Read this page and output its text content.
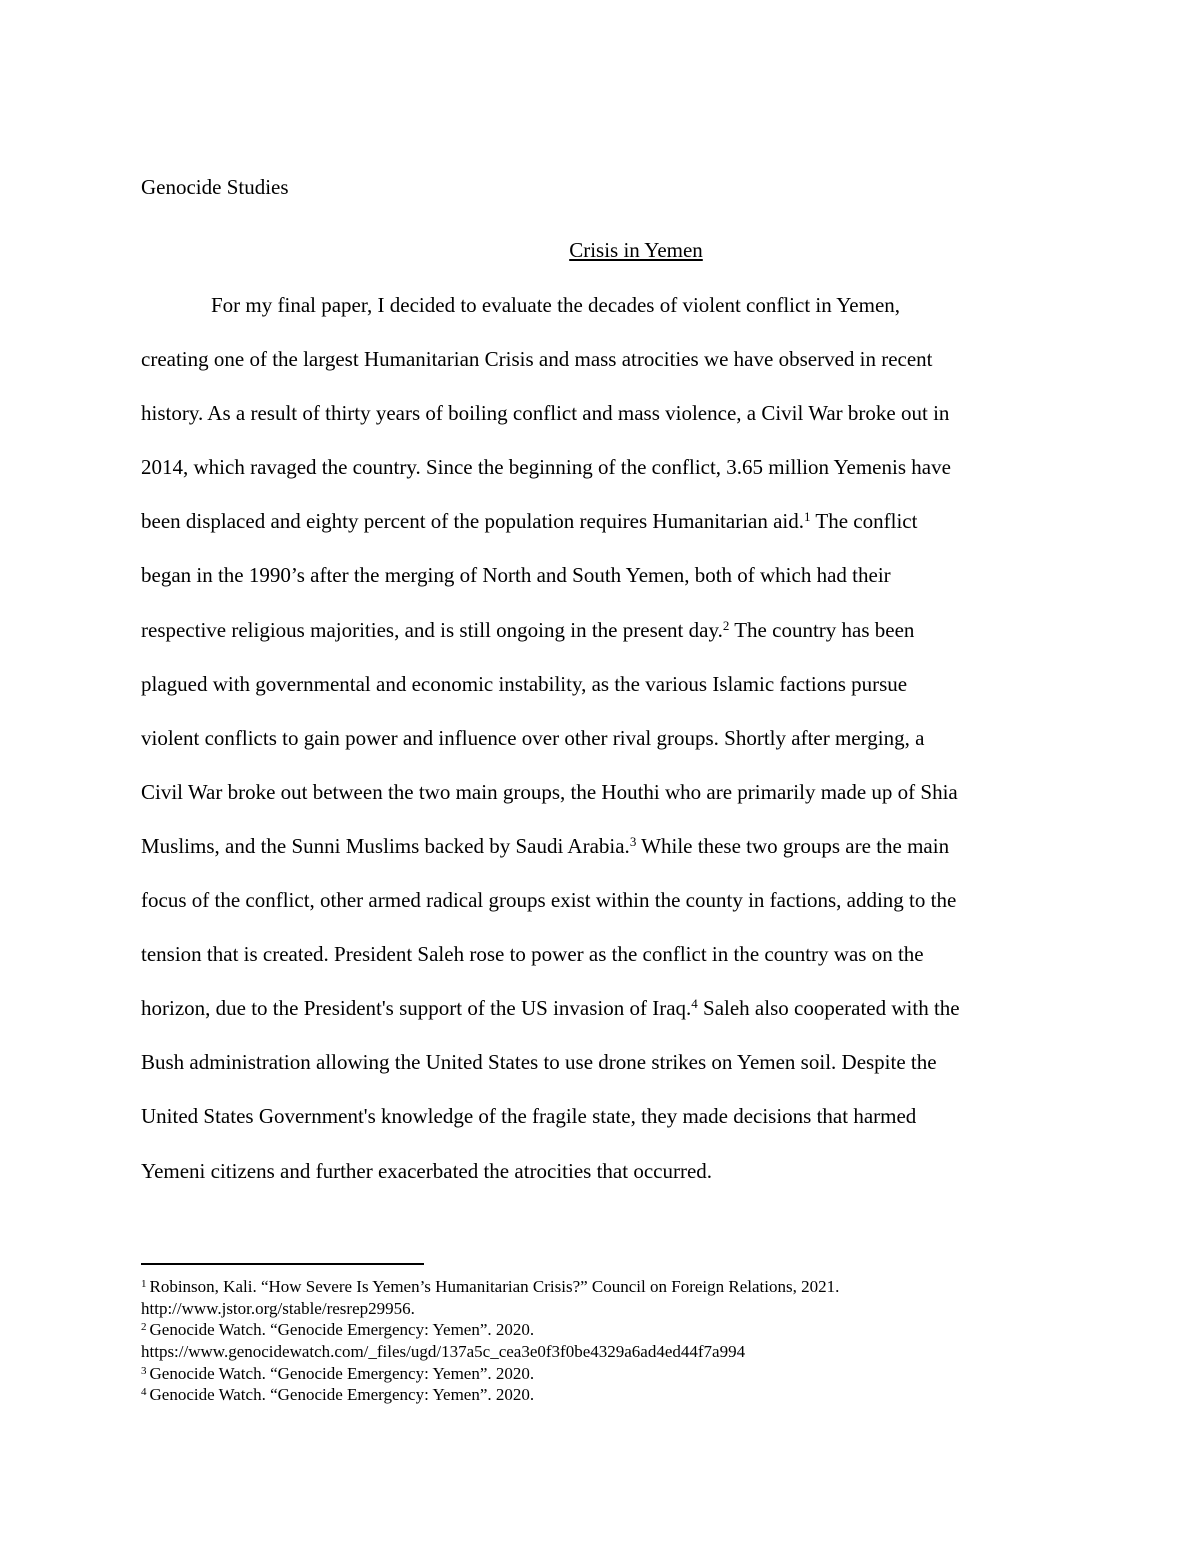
Genocide Studies
Crisis in Yemen
For my final paper, I decided to evaluate the decades of violent conflict in Yemen,
creating one of the largest Humanitarian Crisis and mass atrocities we have observed in recent
history. As a result of thirty years of boiling conflict and mass violence, a Civil War broke out in
2014, which ravaged the country. Since the beginning of the conflict, 3.65 million Yemenis have
been displaced and eighty percent of the population requires Humanitarian aid.$^1$ The conflict
began in the 1990’s after the merging of North and South Yemen, both of which had their
respective religious majorities, and is still ongoing in the present day.$^2$ The country has been
plagued with governmental and economic instability, as the various Islamic factions pursue
violent conflicts to gain power and influence over other rival groups. Shortly after merging, a
Civil War broke out between the two main groups, the Houthi who are primarily made up of Shia
Muslims, and the Sunni Muslims backed by Saudi Arabia.$^3$ While these two groups are the main
focus of the conflict, other armed radical groups exist within the county in factions, adding to the
tension that is created. President Saleh rose to power as the conflict in the country was on the
horizon, due to the President's support of the US invasion of Iraq.$^4$ Saleh also cooperated with the
Bush administration allowing the United States to use drone strikes on Yemen soil. Despite the
United States Government's knowledge of the fragile state, they made decisions that harmed
Yemeni citizens and further exacerbated the atrocities that occurred.
$^1$ Robinson, Kali. “How Severe Is Yemen’s Humanitarian Crisis?” Council on Foreign Relations, 2021.
http://www.jstor.org/stable/resrep29956.
$^2$ Genocide Watch. “Genocide Emergency: Yemen”. 2020.
https://www.genocidewatch.com/_files/ugd/137a5c_cea3e0f3f0be4329a6ad4ed44f7a994
$^3$ Genocide Watch. “Genocide Emergency: Yemen”. 2020.
$^4$ Genocide Watch. “Genocide Emergency: Yemen”. 2020.
